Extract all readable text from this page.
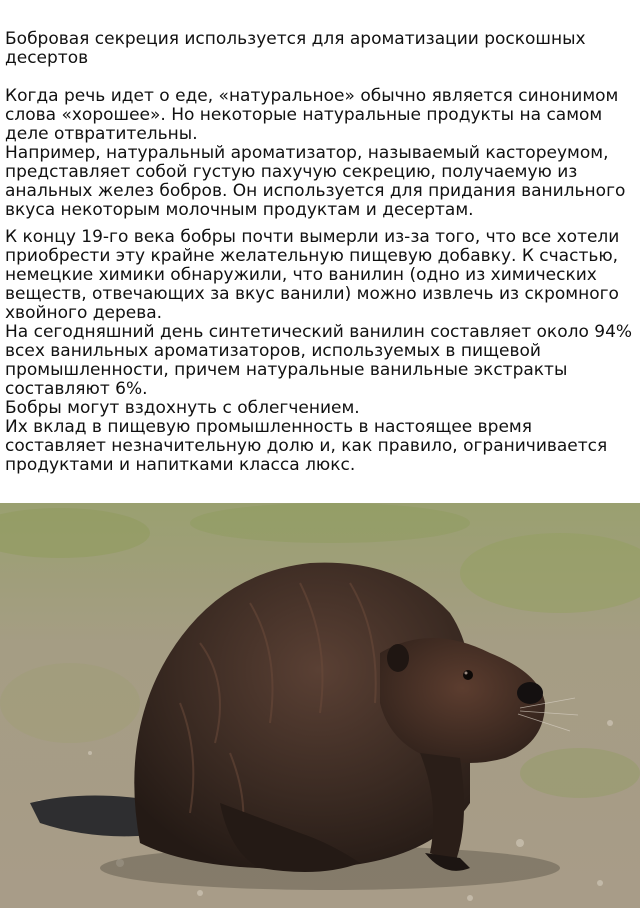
Бобровая секреция используется для ароматизации роскошных десертов

Когда речь идет о еде, «натуральное» обычно является синонимом слова «хорошее». Но некоторые натуральные продукты на самом деле отвратительны.

Например, натуральный ароматизатор, называемый кастореумом, представляет собой густую пахучую секрецию, получаемую из анальных желез бобров. Он используется для придания ванильного вкуса некоторым молочным продуктам и десертам.

К концу 19-го века бобры почти вымерли из-за того, что все хотели приобрести эту крайне желательную пищевую добавку. К счастью, немецкие химики обнаружили, что ванилин (одно из химических веществ, отвечающих за вкус ванили) можно извлечь из скромного хвойного дерева.

На сегодняшний день синтетический ванилин составляет около 94% всех ванильных ароматизаторов, используемых в пищевой промышленности, причем натуральные ванильные экстракты составляют 6%.

Бобры могут вздохнуть с облегчением.

Их вклад в пищевую промышленность в настоящее время составляет незначительную долю и, как правило, ограничивается продуктами и напитками класса люкс.
